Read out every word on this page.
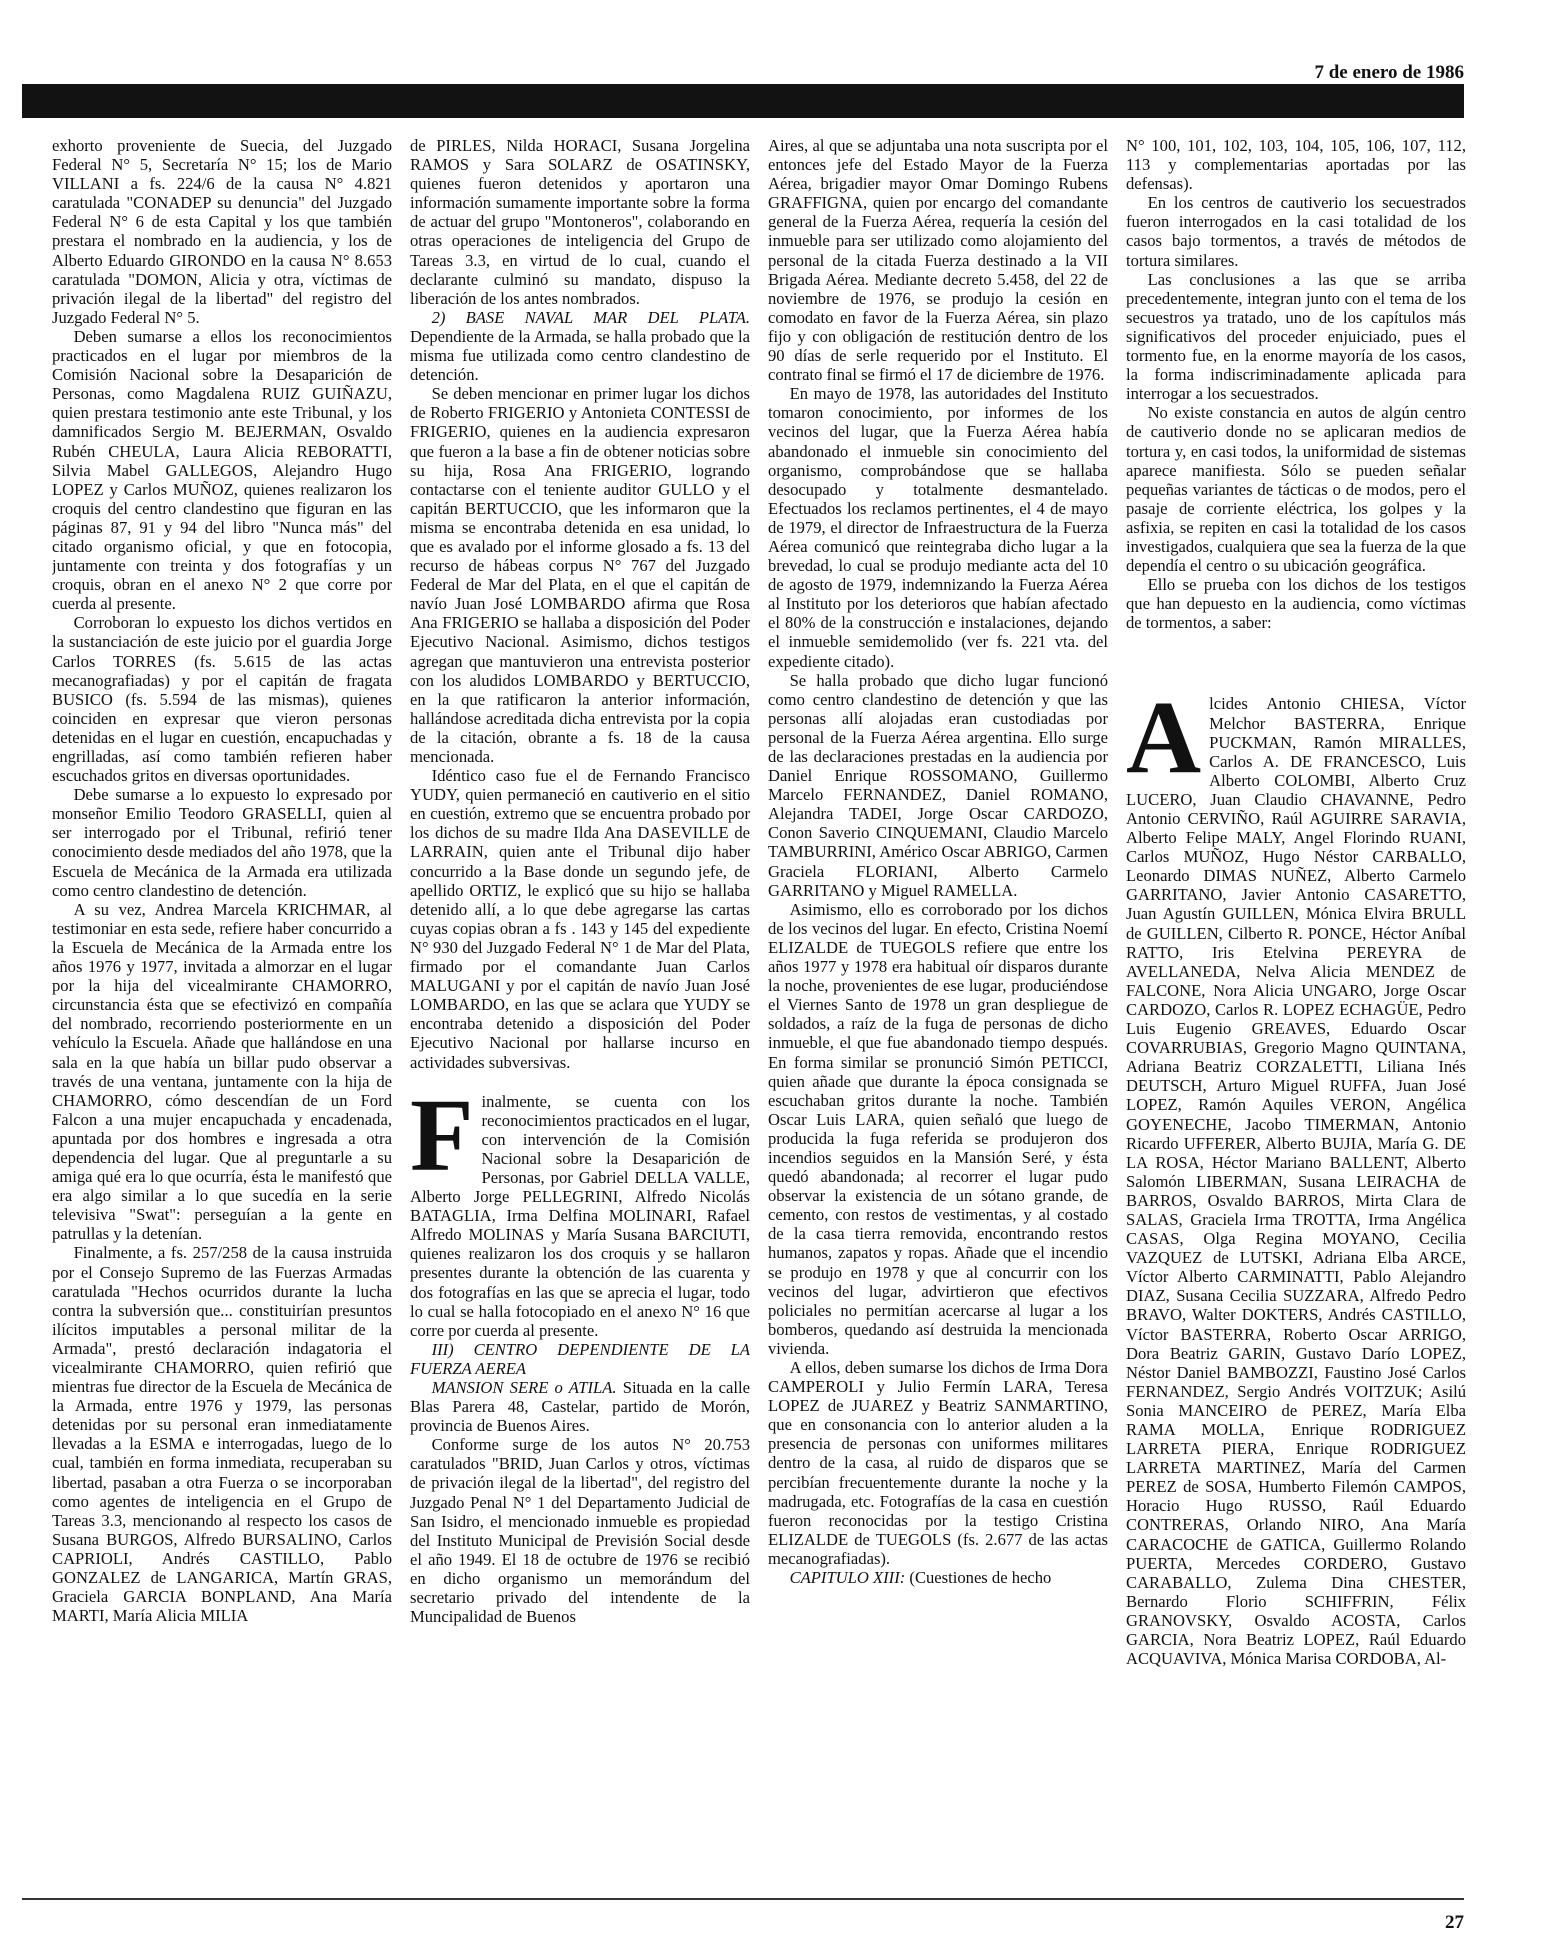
7 de enero de 1986

exhorto proveniente de Suecia, del Juzgado Federal N° 5, Secretaría N° 15; los de Mario VILLANI a fs. 224/6 de la causa N° 4.821 caratulada "CONADEP su denuncia" del Juzgado Federal N° 6 de esta Capital y los que también prestara el nombrado en la audiencia, y los de Alberto Eduardo GIRONDO en la causa N° 8.653 caratulada "DOMON, Alicia y otra, víctimas de privación ilegal de la libertad" del registro del Juzgado Federal N° 5.

Deben sumarse a ellos los reconocimientos practicados en el lugar por miembros de la Comisión Nacional sobre la Desaparición de Personas, como Magdalena RUIZ GUIÑAZU, quien prestara testimonio ante este Tribunal, y los damnificados Sergio M. BEJERMAN, Osvaldo Rubén CHEULA, Laura Alicia REBORATTI, Silvia Mabel GALLEGOS, Alejandro Hugo LOPEZ y Carlos MUÑOZ, quienes realizaron los croquis del centro clandestino que figuran en las páginas 87, 91 y 94 del libro "Nunca más" del citado organismo oficial, y que en fotocopia, juntamente con treinta y dos fotografías y un croquis, obran en el anexo N° 2 que corre por cuerda al presente.

Corroboran lo expuesto los dichos vertidos en la sustanciación de este juicio por el guardia Jorge Carlos TORRES (fs. 5.615 de las actas mecanografiadas) y por el capitán de fragata BUSICO (fs. 5.594 de las mismas), quienes coinciden en expresar que vieron personas detenidas en el lugar en cuestión, encapuchadas y engrilladas, así como también refieren haber escuchados gritos en diversas oportunidades.

Debe sumarse a lo expuesto lo expresado por monseñor Emilio Teodoro GRASELLI, quien al ser interrogado por el Tribunal, refirió tener conocimiento desde mediados del año 1978, que la Escuela de Mecánica de la Armada era utilizada como centro clandestino de detención.

A su vez, Andrea Marcela KRICHMAR, al testimoniar en esta sede, refiere haber concurrido a la Escuela de Mecánica de la Armada entre los años 1976 y 1977, invitada a almorzar en el lugar por la hija del vicealmirante CHAMORRO, circunstancia ésta que se efectivizó en compañía del nombrado, recorriendo posteriormente en un vehículo la Escuela. Añade que hallándose en una sala en la que había un billar pudo observar a través de una ventana, juntamente con la hija de CHAMORRO, cómo descendían de un Ford Falcon a una mujer encapuchada y encadenada, apuntada por dos hombres e ingresada a otra dependencia del lugar. Que al preguntarle a su amiga qué era lo que ocurría, ésta le manifestó que era algo similar a lo que sucedía en la serie televisiva "Swat": perseguían a la gente en patrullas y la detenían.

Finalmente, a fs. 257/258 de la causa instruida por el Consejo Supremo de las Fuerzas Armadas caratulada "Hechos ocurridos durante la lucha contra la subversión que... constituirían presuntos ilícitos imputables a personal militar de la Armada", prestó declaración indagatoria el vicealmirante CHAMORRO, quien refirió que mientras fue director de la Escuela de Mecánica de la Armada, entre 1976 y 1979, las personas detenidas por su personal eran inmediatamente llevadas a la ESMA e interrogadas, luego de lo cual, también en forma inmediata, recuperaban su libertad, pasaban a otra Fuerza o se incorporaban como agentes de inteligencia en el Grupo de Tareas 3.3, mencionando al respecto los casos de Susana BURGOS, Alfredo BURSALINO, Carlos CAPRIOLI, Andrés CASTILLO, Pablo GONZALEZ de LANGARICA, Martín GRAS, Graciela GARCIA BONPLAND, Ana María MARTI, María Alicia MILIA

de PIRLES, Nilda HORACI, Susana Jorgelina RAMOS y Sara SOLARZ de OSATINSKY, quienes fueron detenidos y aportaron una información sumamente importante sobre la forma de actuar del grupo "Montoneros", colaborando en otras operaciones de inteligencia del Grupo de Tareas 3.3, en virtud de lo cual, cuando el declarante culminó su mandato, dispuso la liberación de los antes nombrados.

2) BASE NAVAL MAR DEL PLATA. Dependiente de la Armada, se halla probado que la misma fue utilizada como centro clandestino de detención.

Se deben mencionar en primer lugar los dichos de Roberto FRIGERIO y Antonieta CONTESSI de FRIGERIO, quienes en la audiencia expresaron que fueron a la base a fin de obtener noticias sobre su hija, Rosa Ana FRIGERIO, logrando contactarse con el teniente auditor GULLO y el capitán BERTUCCIO, que les informaron que la misma se encontraba detenida en esa unidad, lo que es avalado por el informe glosado a fs. 13 del recurso de hábeas corpus N° 767 del Juzgado Federal de Mar del Plata, en el que el capitán de navío Juan José LOMBARDO afirma que Rosa Ana FRIGERIO se hallaba a disposición del Poder Ejecutivo Nacional. Asimismo, dichos testigos agregan que mantuvieron una entrevista posterior con los aludidos LOMBARDO y BERTUCCIO, en la que ratificaron la anterior información, hallándose acreditada dicha entrevista por la copia de la citación, obrante a fs. 18 de la causa mencionada.

Idéntico caso fue el de Fernando Francisco YUDY, quien permaneció en cautiverio en el sitio en cuestión, extremo que se encuentra probado por los dichos de su madre Ilda Ana DASEVILLE de LARRAIN, quien ante el Tribunal dijo haber concurrido a la Base donde un segundo jefe, de apellido ORTIZ, le explicó que su hijo se hallaba detenido allí, a lo que debe agregarse las cartas cuyas copias obran a fs . 143 y 145 del expediente N° 930 del Juzgado Federal N° 1 de Mar del Plata, firmado por el comandante Juan Carlos MALUGANI y por el capitán de navío Juan José LOMBARDO, en las que se aclara que YUDY se encontraba detenido a disposición del Poder Ejecutivo Nacional por hallarse incurso en actividades subversivas.

F inalmente, se cuenta con los reconocimientos practicados en el lugar, con intervención de la Comisión Nacional sobre la Desaparición de Personas, por Gabriel DELLA VALLE, Alberto Jorge PELLEGRINI, Alfredo Nicolás BATAGLIA, Irma Delfina MOLINARI, Rafael Alfredo MOLINAS y María Susana BARCIUTI, quienes realizaron los dos croquis y se hallaron presentes durante la obtención de las cuarenta y dos fotografías en las que se aprecia el lugar, todo lo cual se halla fotocopiado en el anexo N° 16 que corre por cuerda al presente.

III) CENTRO DEPENDIENTE DE LA FUERZA AEREA

MANSION SERE o ATILA. Situada en la calle Blas Parera 48, Castelar, partido de Morón, provincia de Buenos Aires.

Conforme surge de los autos N° 20.753 caratulados "BRID, Juan Carlos y otros, víctimas de privación ilegal de la libertad", del registro del Juzgado Penal N° 1 del Departamento Judicial de San Isidro, el mencionado inmueble es propiedad del Instituto Municipal de Previsión Social desde el año 1949. El 18 de octubre de 1976 se recibió en dicho organismo un memorándum del secretario privado del intendente de la Muncipalidad de Buenos

Aires, al que se adjuntaba una nota suscripta por el entonces jefe del Estado Mayor de la Fuerza Aérea, brigadier mayor Omar Domingo Rubens GRAFFIGNA, quien por encargo del comandante general de la Fuerza Aérea, requería la cesión del inmueble para ser utilizado como alojamiento del personal de la citada Fuerza destinado a la VII Brigada Aérea. Mediante decreto 5.458, del 22 de noviembre de 1976, se produjo la cesión en comodato en favor de la Fuerza Aérea, sin plazo fijo y con obligación de restitución dentro de los 90 días de serle requerido por el Instituto. El contrato final se firmó el 17 de diciembre de 1976.

En mayo de 1978, las autoridades del Instituto tomaron conocimiento, por informes de los vecinos del lugar, que la Fuerza Aérea había abandonado el inmueble sin conocimiento del organismo, comprobándose que se hallaba desocupado y totalmente desmantelado. Efectuados los reclamos pertinentes, el 4 de mayo de 1979, el director de Infraestructura de la Fuerza Aérea comunicó que reintegraba dicho lugar a la brevedad, lo cual se produjo mediante acta del 10 de agosto de 1979, indemnizando la Fuerza Aérea al Instituto por los deterioros que habían afectado el 80% de la construcción e instalaciones, dejando el inmueble semidemolido (ver fs. 221 vta. del expediente citado).

Se halla probado que dicho lugar funcionó como centro clandestino de detención y que las personas allí alojadas eran custodiadas por personal de la Fuerza Aérea argentina. Ello surge de las declaraciones prestadas en la audiencia por Daniel Enrique ROSSOMANO, Guillermo Marcelo FERNANDEZ, Daniel ROMANO, Alejandra TADEI, Jorge Oscar CARDOZO, Conon Saverio CINQUEMANI, Claudio Marcelo TAMBURRINI, Américo Oscar ABRIGO, Carmen Graciela FLORIANI, Alberto Carmelo GARRITANO y Miguel RAMELLA.

Asimismo, ello es corroborado por los dichos de los vecinos del lugar. En efecto, Cristina Noemí ELIZALDE de TUEGOLS refiere que entre los años 1977 y 1978 era habitual oír disparos durante la noche, provenientes de ese lugar, produciéndose el Viernes Santo de 1978 un gran despliegue de soldados, a raíz de la fuga de personas de dicho inmueble, el que fue abandonado tiempo después. En forma similar se pronunció Simón PETICCI, quien añade que durante la época consignada se escuchaban gritos durante la noche. También Oscar Luis LARA, quien señaló que luego de producida la fuga referida se produjeron dos incendios seguidos en la Mansión Seré, y ésta quedó abandonada; al recorrer el lugar pudo observar la existencia de un sótano grande, de cemento, con restos de vestimentas, y al costado de la casa tierra removida, encontrando restos humanos, zapatos y ropas. Añade que el incendio se produjo en 1978 y que al concurrir con los vecinos del lugar, advirtieron que efectivos policiales no permitían acercarse al lugar a los bomberos, quedando así destruida la mencionada vivienda.

A ellos, deben sumarse los dichos de Irma Dora CAMPEROLI y Julio Fermín LARA, Teresa LOPEZ de JUAREZ y Beatriz SANMARTINO, que en consonancia con lo anterior aluden a la presencia de personas con uniformes militares dentro de la casa, al ruido de disparos que se percibían frecuentemente durante la noche y la madrugada, etc. Fotografías de la casa en cuestión fueron reconocidas por la testigo Cristina ELIZALDE de TUEGOLS (fs. 2.677 de las actas mecanografiadas).

CAPITULO XIII: (Cuestiones de hecho

N° 100, 101, 102, 103, 104, 105, 106, 107, 112, 113 y complementarias aportadas por las defensas).

En los centros de cautiverio los secuestrados fueron interrogados en la casi totalidad de los casos bajo tormentos, a través de métodos de tortura similares.

Las conclusiones a las que se arriba precedentemente, integran junto con el tema de los secuestros ya tratado, uno de los capítulos más significativos del proceder enjuiciado, pues el tormento fue, en la enorme mayoría de los casos, la forma indiscriminadamente aplicada para interrogar a los secuestrados.

No existe constancia en autos de algún centro de cautiverio donde no se aplicaran medios de tortura y, en casi todos, la uniformidad de sistemas aparece manifiesta. Sólo se pueden señalar pequeñas variantes de tácticas o de modos, pero el pasaje de corriente eléctrica, los golpes y la asfixia, se repiten en casi la totalidad de los casos investigados, cualquiera que sea la fuerza de la que dependía el centro o su ubicación geográfica.

Ello se prueba con los dichos de los testigos que han depuesto en la audiencia, como víctimas de tormentos, a saber:

A lcides Antonio CHIESA, Víctor Melchor BASTERRA, Enrique PUCKMAN, Ramón MIRALLES, Carlos A. DE FRANCESCO, Luis Alberto COLOMBI, Alberto Cruz LUCERO, Juan Claudio CHAVANNE, Pedro Antonio CERVIÑO, Raúl AGUIRRE SARAVIA, Alberto Felipe MALY, Angel Florindo RUANI, Carlos MUÑOZ, Hugo Néstor CARBALLO, Leonardo DIMAS NUÑEZ, Alberto Carmelo GARRITANO, Javier Antonio CASARETTO, Juan Agustín GUILLEN, Mónica Elvira BRULL de GUILLEN, Cilberto R. PONCE, Héctor Aníbal RATTO, Iris Etelvina PEREYRA de AVELLANEDA, Nelva Alicia MENDEZ de FALCONE, Nora Alicia UNGARO, Jorge Oscar CARDOZO, Carlos R. LOPEZ ECHAGÜE, Pedro Luis Eugenio GREAVES, Eduardo Oscar COVARRUBIAS, Gregorio Magno QUINTANA, Adriana Beatriz CORZALETTI, Liliana Inés DEUTSCH, Arturo Miguel RUFFA, Juan José LOPEZ, Ramón Aquiles VERON, Angélica GOYENECHE, Jacobo TIMERMAN, Antonio Ricardo UFFERER, Alberto BUJIA, María G. DE LA ROSA, Héctor Mariano BALLENT, Alberto Salomón LIBERMAN, Susana LEIRACHA de BARROS, Osvaldo BARROS, Mirta Clara de SALAS, Graciela Irma TROTTA, Irma Angélica CASAS, Olga Regina MOYANO, Cecilia VAZQUEZ de LUTSKI, Adriana Elba ARCE, Víctor Alberto CARMINATTI, Pablo Alejandro DIAZ, Susana Cecilia SUZZARA, Alfredo Pedro BRAVO, Walter DOKTERS, Andrés CASTILLO, Víctor BASTERRA, Roberto Oscar ARRIGO, Dora Beatriz GARIN, Gustavo Darío LOPEZ, Néstor Daniel BAMBOZZI, Faustino José Carlos FERNANDEZ, Sergio Andrés VOITZUK; Asilú Sonia MANCEIRO de PEREZ, María Elba RAMA MOLLA, Enrique RODRIGUEZ LARRETA PIERA, Enrique RODRIGUEZ LARRETA MARTINEZ, María del Carmen PEREZ de SOSA, Humberto Filemón CAMPOS, Horacio Hugo RUSSO, Raúl Eduardo CONTRERAS, Orlando NIRO, Ana María CARACOCHE de GATICA, Guillermo Rolando PUERTA, Mercedes CORDERO, Gustavo CARABALLO, Zulema Dina CHESTER, Bernardo Florio SCHIFFRIN, Félix GRANOVSKY, Osvaldo ACOSTA, Carlos GARCIA, Nora Beatriz LOPEZ, Raúl Eduardo ACQUAVIVA, Mónica Marisa CORDOBA, Al-

27
